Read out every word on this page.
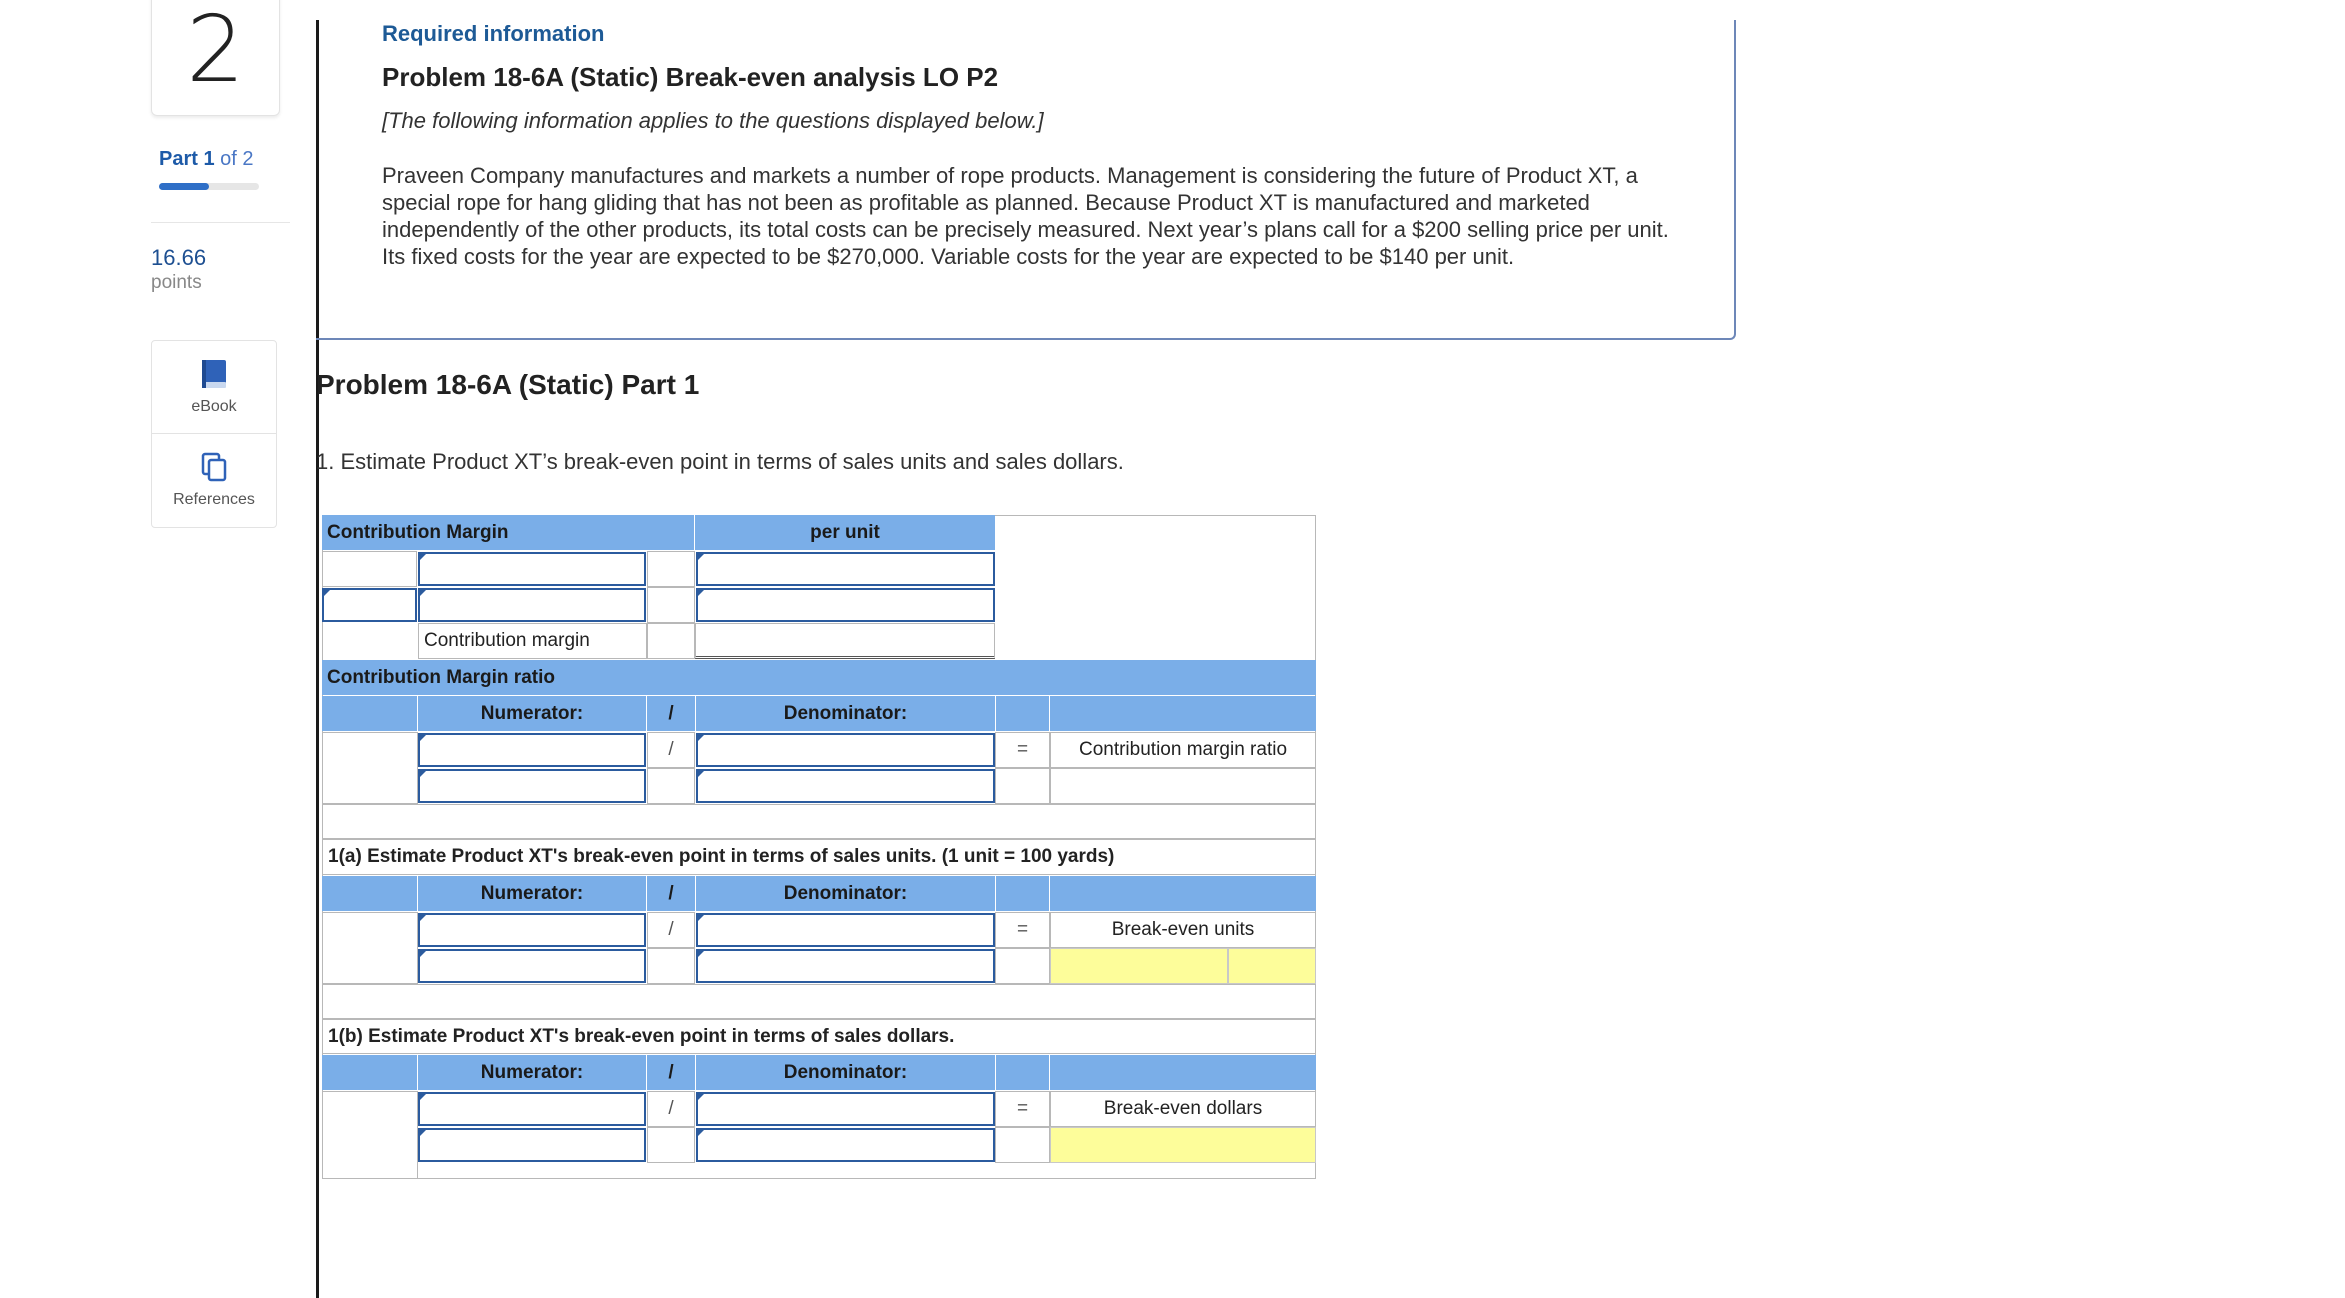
2
Part 1 of 2
16.66
points
eBook
References
Required information
Problem 18-6A (Static) Break-even analysis LO P2
[The following information applies to the questions displayed below.]
Praveen Company manufactures and markets a number of rope products. Management is considering the future of Product XT, a special rope for hang gliding that has not been as profitable as planned. Because Product XT is manufactured and marketed independently of the other products, its total costs can be precisely measured. Next year’s plans call for a $200 selling price per unit. Its fixed costs for the year are expected to be $270,000. Variable costs for the year are expected to be $140 per unit.
Problem 18-6A (Static) Part 1
1. Estimate Product XT’s break-even point in terms of sales units and sales dollars.
Contribution Margin	per unit
Contribution margin
Contribution Margin ratio
Numerator:	/	Denominator:
/	=	Contribution margin ratio
1(a) Estimate Product XT's break-even point in terms of sales units. (1 unit = 100 yards)
Numerator:	/	Denominator:
/	=	Break-even units
1(b) Estimate Product XT's break-even point in terms of sales dollars.
Numerator:	/	Denominator:
/	=	Break-even dollars
